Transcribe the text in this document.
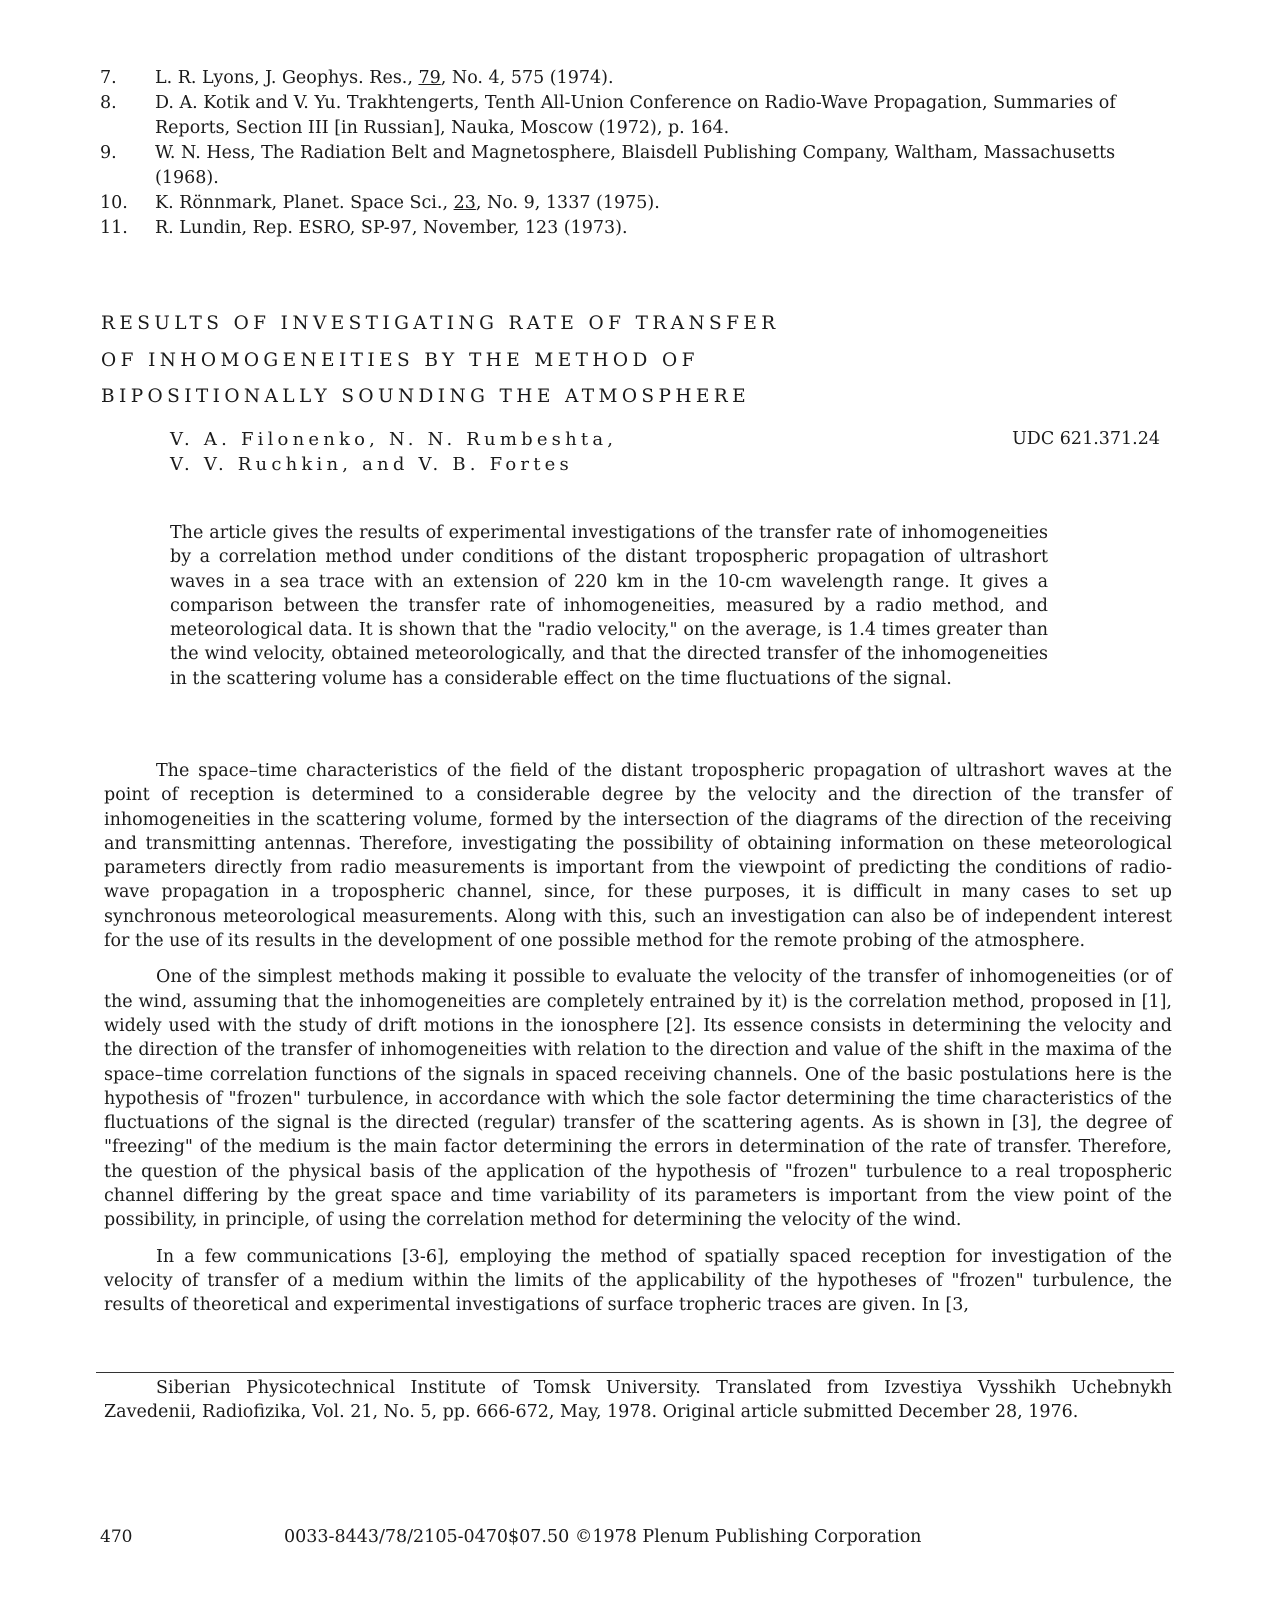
7.	L. R. Lyons, J. Geophys. Res., 79, No. 4, 575 (1974).
8.	D. A. Kotik and V. Yu. Trakhtengerts, Tenth All-Union Conference on Radio-Wave Propagation, Summaries of Reports, Section III [in Russian], Nauka, Moscow (1972), p. 164.
9.	W. N. Hess, The Radiation Belt and Magnetosphere, Blaisdell Publishing Company, Waltham, Massachusetts (1968).
10.	K. Rönnmark, Planet. Space Sci., 23, No. 9, 1337 (1975).
11.	R. Lundin, Rep. ESRO, SP-97, November, 123 (1973).
RESULTS OF INVESTIGATING RATE OF TRANSFER
OF INHOMOGENEITIES BY THE METHOD OF
BIPOSITIONALLY SOUNDING THE ATMOSPHERE
V. A. Filonenko, N. N. Rumbeshta,
V. V. Ruchkin, and V. B. Fortes
UDC 621.371.24
The article gives the results of experimental investigations of the transfer rate of inhomogeneities by a correlation method under conditions of the distant tropospheric propagation of ultrashort waves in a sea trace with an extension of 220 km in the 10-cm wavelength range. It gives a comparison between the transfer rate of inhomogeneities, measured by a radio method, and meteorological data. It is shown that the "radio velocity," on the average, is 1.4 times greater than the wind velocity, obtained meteorologically, and that the directed transfer of the inhomogeneities in the scattering volume has a considerable effect on the time fluctuations of the signal.

The space–time characteristics of the field of the distant tropospheric propagation of ultrashort waves at the point of reception is determined to a considerable degree by the velocity and the direction of the transfer of inhomogeneities in the scattering volume, formed by the intersection of the diagrams of the direction of the receiving and transmitting antennas. Therefore, investigating the possibility of obtaining information on these meteorological parameters directly from radio measurements is important from the viewpoint of predicting the conditions of radio-wave propagation in a tropospheric channel, since, for these purposes, it is difficult in many cases to set up synchronous meteorological measurements. Along with this, such an investigation can also be of independent interest for the use of its results in the development of one possible method for the remote probing of the atmosphere.

One of the simplest methods making it possible to evaluate the velocity of the transfer of inhomogeneities (or of the wind, assuming that the inhomogeneities are completely entrained by it) is the correlation method, proposed in [1], widely used with the study of drift motions in the ionosphere [2]. Its essence consists in determining the velocity and the direction of the transfer of inhomogeneities with relation to the direction and value of the shift in the maxima of the space–time correlation functions of the signals in spaced receiving channels. One of the basic postulations here is the hypothesis of "frozen" turbulence, in accordance with which the sole factor determining the time characteristics of the fluctuations of the signal is the directed (regular) transfer of the scattering agents. As is shown in [3], the degree of "freezing" of the medium is the main factor determining the errors in determination of the rate of transfer. Therefore, the question of the physical basis of the application of the hypothesis of "frozen" turbulence to a real tropospheric channel differing by the great space and time variability of its parameters is important from the view point of the possibility, in principle, of using the correlation method for determining the velocity of the wind.

In a few communications [3-6], employing the method of spatially spaced reception for investigation of the velocity of transfer of a medium within the limits of the applicability of the hypotheses of "frozen" turbulence, the results of theoretical and experimental investigations of surface tropheric traces are given. In [3,

Siberian Physicotechnical Institute of Tomsk University. Translated from Izvestiya Vysshikh Uchebnykh Zavedenii, Radiofizika, Vol. 21, No. 5, pp. 666-672, May, 1978. Original article submitted December 28, 1976.
470	0033-8443/78/2105-0470$07.50 ©1978 Plenum Publishing Corporation
